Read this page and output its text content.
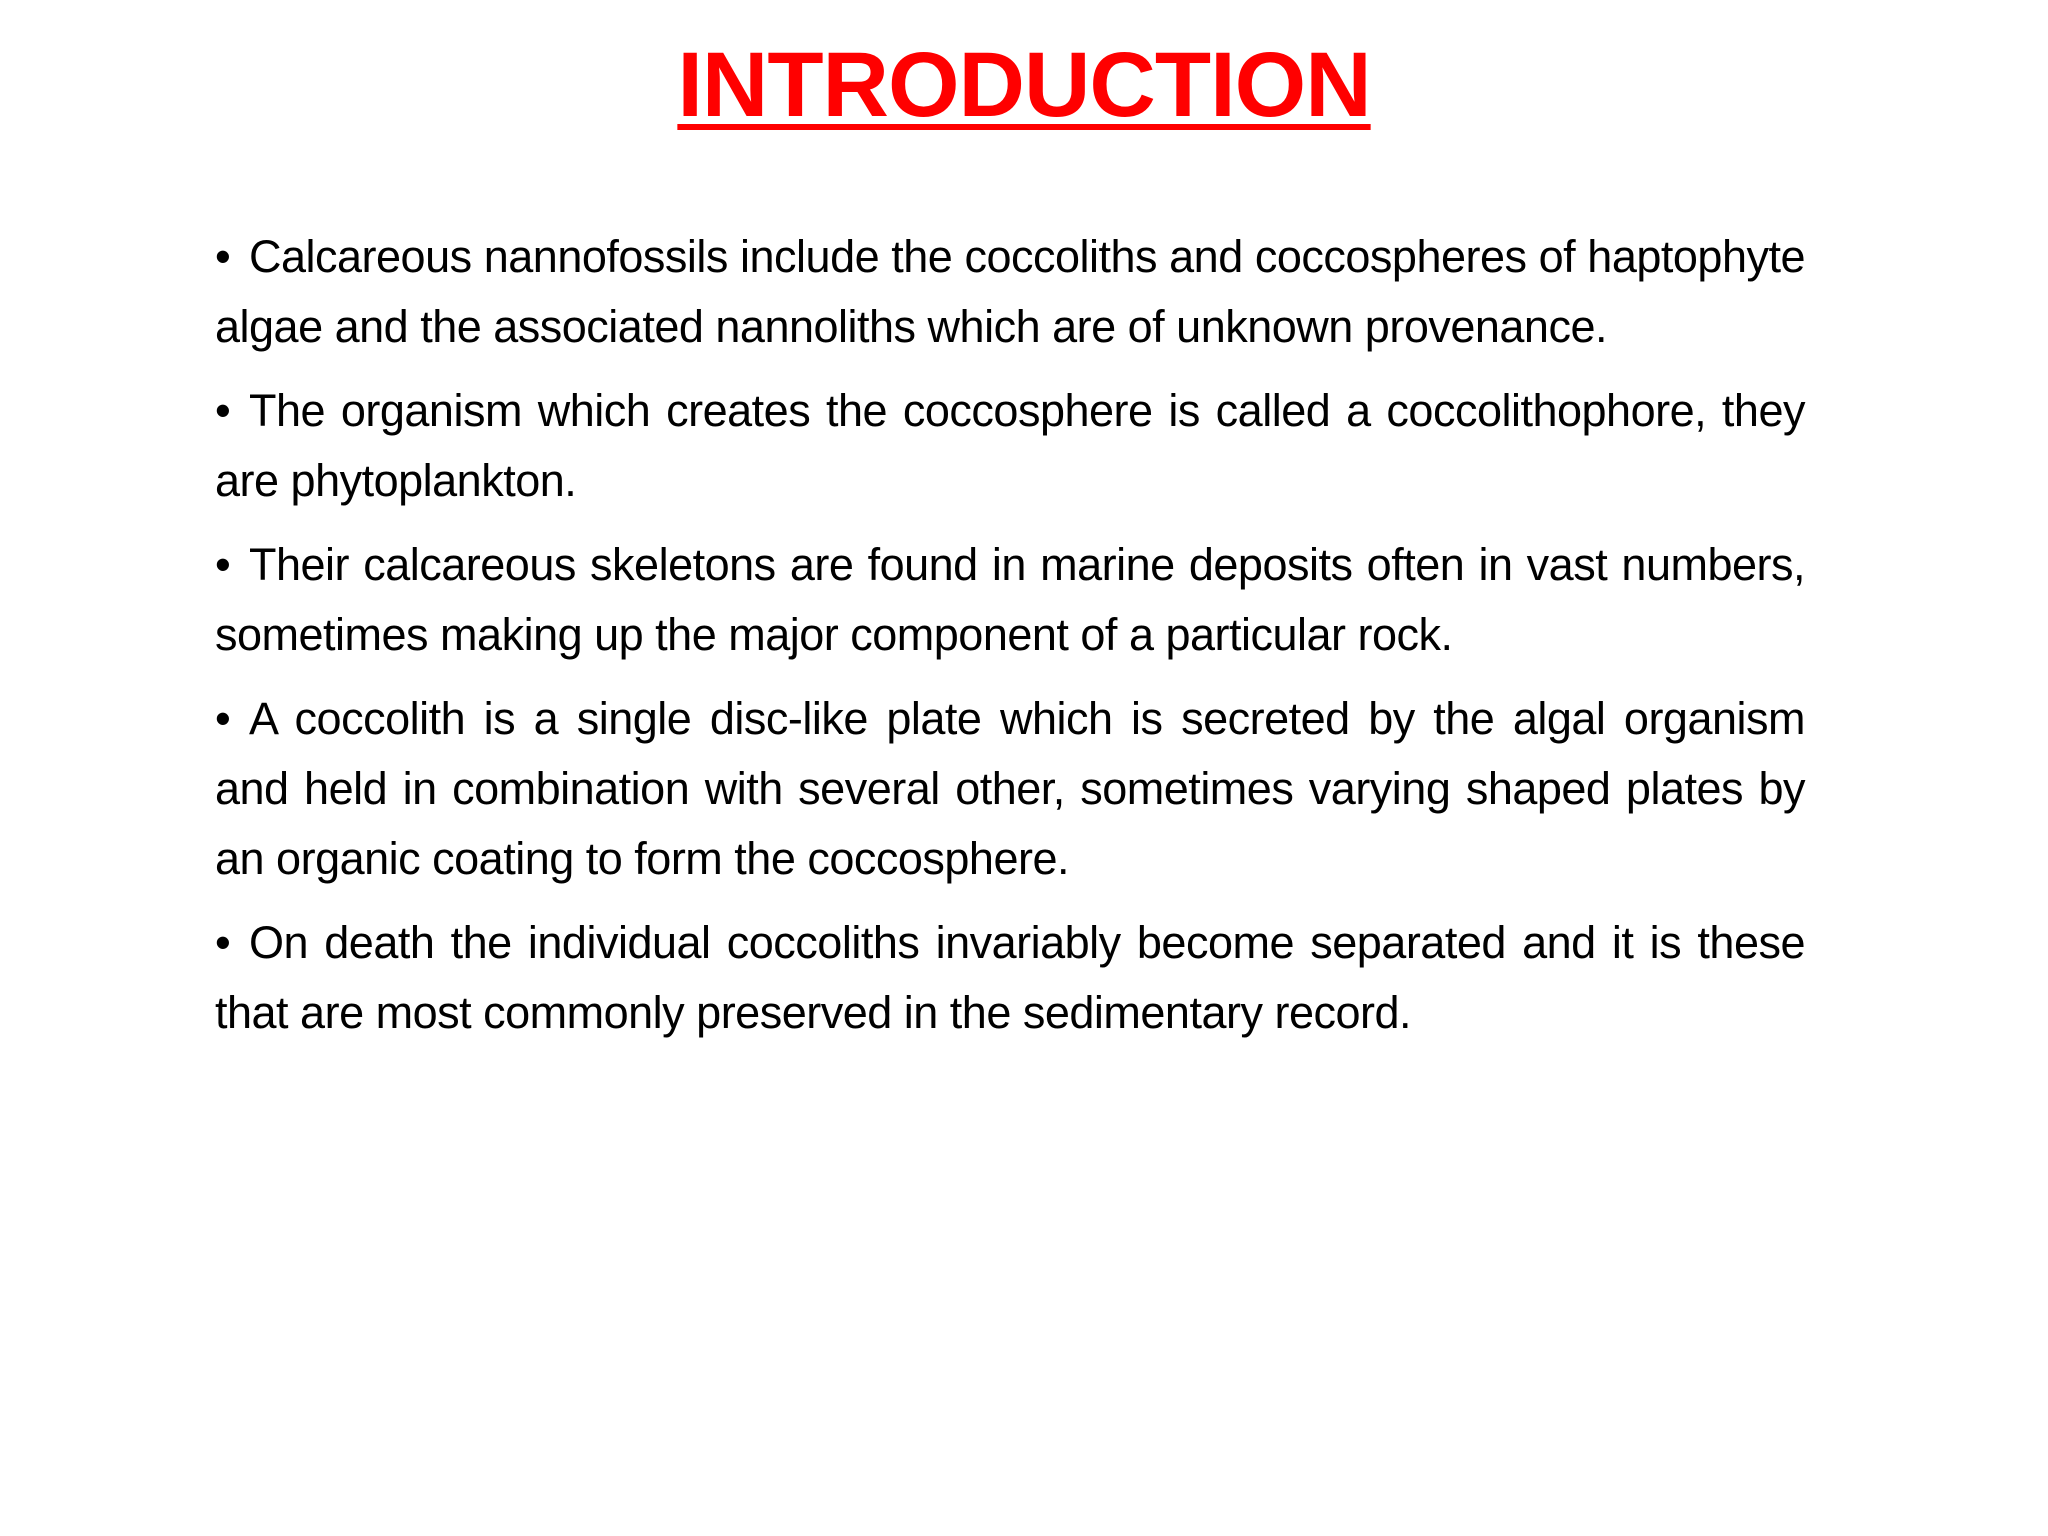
INTRODUCTION
• Calcareous nannofossils include the coccoliths and coccospheres of haptophyte algae and the associated nannoliths which are of unknown provenance.
• The organism which creates the coccosphere is called a coccolithophore, they are phytoplankton.
• Their calcareous skeletons are found in marine deposits often in vast numbers, sometimes making up the major component of a particular rock.
• A coccolith is a single disc-like plate which is secreted by the algal organism and held in combination with several other, sometimes varying shaped plates by an organic coating to form the coccosphere.
• On death the individual coccoliths invariably become separated and it is these that are most commonly preserved in the sedimentary record.
